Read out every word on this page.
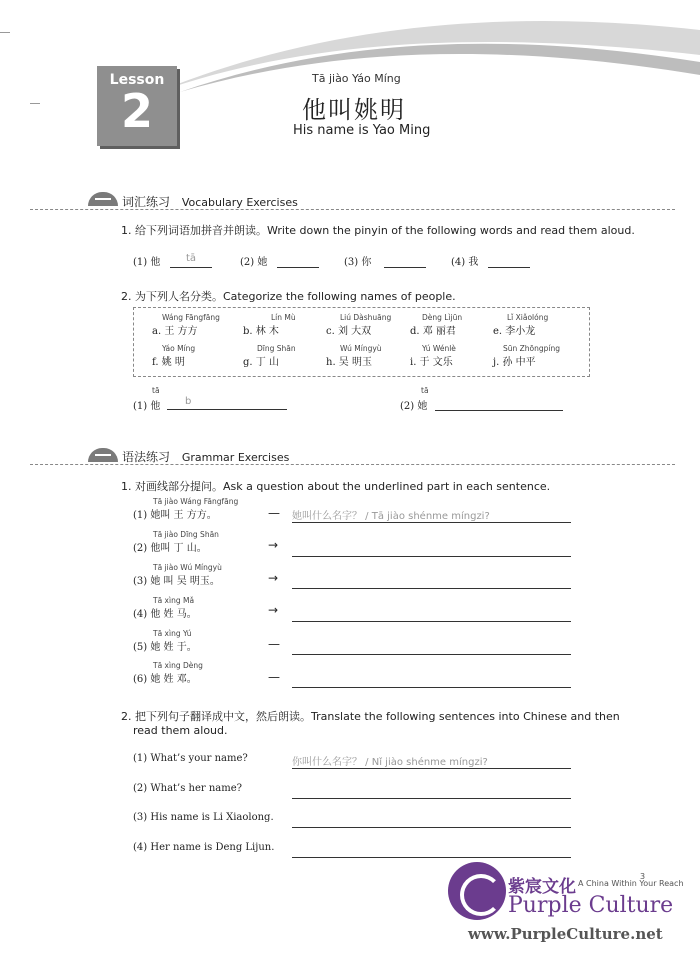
Lesson
2
Tā jiào Yáo Míng
他叫姚明
His name is Yao Ming
词汇练习 Vocabulary Exercises
1. 给下列词语加拼音并朗读。Write down the pinyin of the following words and read them aloud.
(1) 他	tā	(2) 她	(3) 你	(4) 我
2. 为下列人名分类。Categorize the following names of people.
Wáng Fāngfāng
a. 王 方方
Lín Mù
b. 林 木
Liú Dàshuāng
c. 刘 大双
Dèng Lìjūn
d. 邓 丽君
Lǐ Xiǎolóng
e. 李小龙
Yáo Míng
f. 姚 明
Dīng Shān
g. 丁 山
Wú Míngyù
h. 吴 明玉
Yú Wénlè
i. 于 文乐
Sūn Zhōngpíng
j. 孙 中平
tā
(1) 他	b
tā
(2) 她
语法练习 Grammar Exercises
1. 对画线部分提问。Ask a question about the underlined part in each sentence.
Tā jiào Wáng Fāngfāng
(1) 她叫 王 方方。	— 她叫什么名字？ / Tā jiào shénme míngzi?
Tā jiào Dīng Shān
(2) 他叫 丁 山。	→
Tā jiào Wú Míngyù
(3) 她 叫 吴 明玉。	→
Tā xìng Mǎ
(4) 他 姓 马。	→
Tā xìng Yú
(5) 她 姓 于。	—
Tā xìng Dèng
(6) 她 姓 邓。	—
2. 把下列句子翻译成中文，然后朗读。Translate the following sentences into Chinese and then
read them aloud.
(1) What’s your name?	你叫什么名字？ / Nǐ jiào shénme míngzi?
(2) What’s her name?
(3) His name is Li Xiaolong.
(4) Her name is Deng Lijun.
紫宸文化 A China Within Your Reach
3
Purple Culture
www.PurpleCulture.net
